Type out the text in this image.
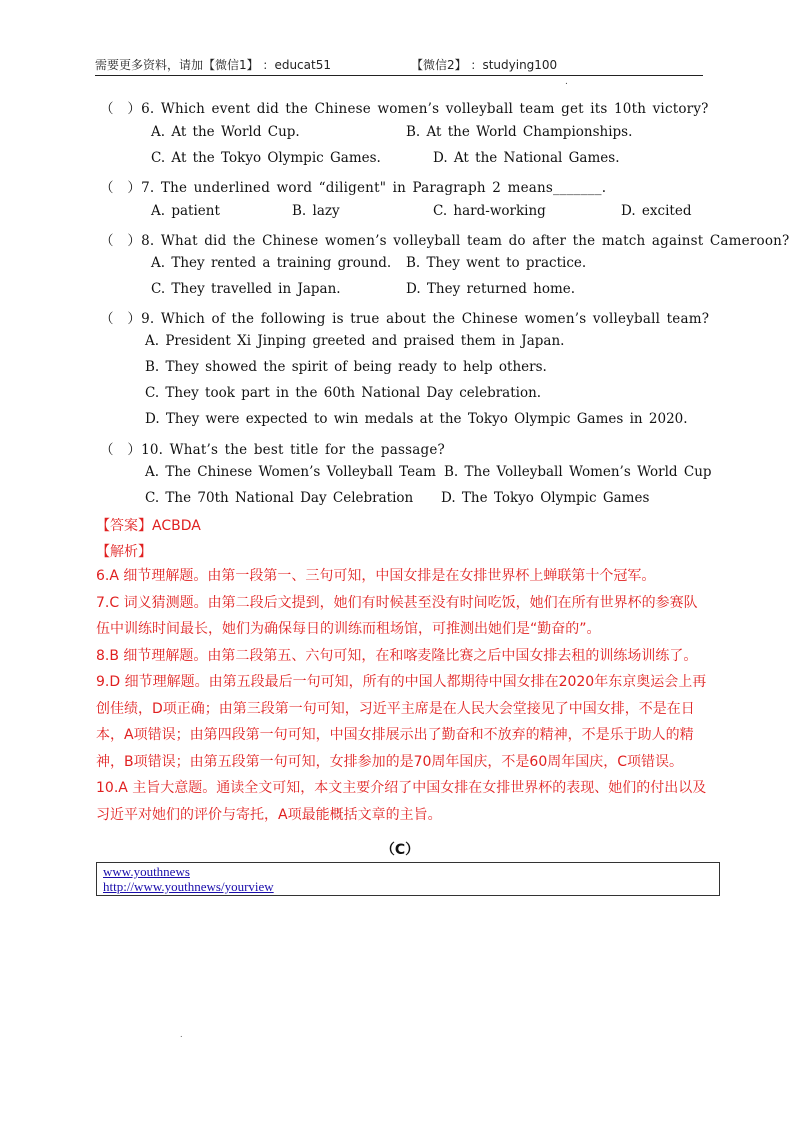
需要更多资料，请加【微信1】 ：educat51	【微信2】 ：studying100
.
（　）6. Which event did the Chinese women’s volleyball team get its 10th victory?
A. At the World Cup.	B. At the World Championships.
C. At the Tokyo Olympic Games.	D. At the National Games.
（　）7. The underlined word “diligent" in Paragraph 2 means_______.
A. patient	B. lazy	C. hard-working	D. excited
（　）8. What did the Chinese women’s volleyball team do after the match against Cameroon?
A. They rented a training ground. B. They went to practice.
C. They travelled in Japan.	D. They returned home.
（　）9. Which of the following is true about the Chinese women’s volleyball team?
A. President Xi Jinping greeted and praised them in Japan.
B. They showed the spirit of being ready to help others.
C. They took part in the 60th National Day celebration.
D. They were expected to win medals at the Tokyo Olympic Games in 2020.
（　）10. What’s the best title for the passage?
A. The Chinese Women’s Volleyball Team B. The Volleyball Women’s World Cup
C. The 70th National Day Celebration D. The Tokyo Olympic Games
【答案】ACBDA
【解析】

6.A 细节理解题。由第一段第一、三句可知，中国女排是在女排世界杯上蝉联第十个冠军。

7.C 词义猜测题。由第二段后文提到，她们有时候甚至没有时间吃饭，她们在所有世界杯的参赛队伍中训练时间最长，她们为确保每日的训练而租场馆，可推测出她们是“勤奋的”。

8.B 细节理解题。由第二段第五、六句可知，在和喀麦隆比赛之后中国女排去租的训练场训练了。

9.D 细节理解题。由第五段最后一句可知，所有的中国人都期待中国女排在2020年东京奥运会上再创佳绩，D项正确；由第三段第一句可知，习近平主席是在人民大会堂接见了中国女排，不是在日本，A项错误；由第四段第一句可知，中国女排展示出了勤奋和不放弃的精神，不是乐于助人的精神，B项错误；由第五段第一句可知，女排参加的是70周年国庆，不是60周年国庆，C项错误。

10.A 主旨大意题。通读全文可知，本文主要介绍了中国女排在女排世界杯的表现、她们的付出以及习近平对她们的评价与寄托，A项最能概括文章的主旨。

（C）
www.youthnews
http://www.youthnews/yourview
.
